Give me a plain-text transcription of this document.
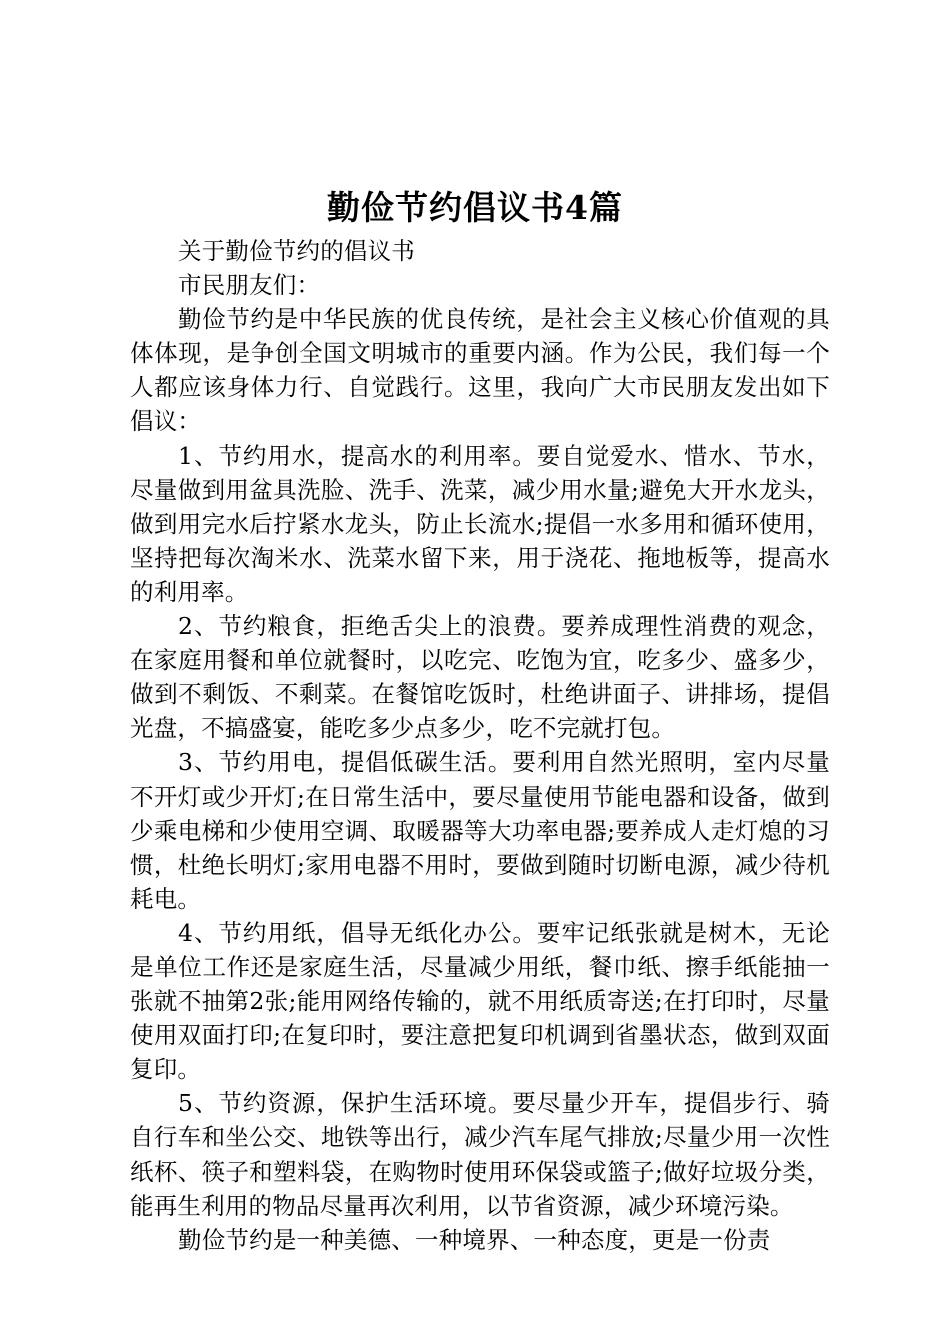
勤俭节约倡议书4篇

关于勤俭节约的倡议书

市民朋友们：

勤俭节约是中华民族的优良传统，是社会主义核心价值观的具体体现，是争创全国文明城市的重要内涵。作为公民，我们每一个人都应该身体力行、自觉践行。这里，我向广大市民朋友发出如下倡议：

1、节约用水，提高水的利用率。要自觉爱水、惜水、节水，尽量做到用盆具洗脸、洗手、洗菜，减少用水量;避免大开水龙头，做到用完水后拧紧水龙头，防止长流水;提倡一水多用和循环使用，坚持把每次淘米水、洗菜水留下来，用于浇花、拖地板等，提高水的利用率。

2、节约粮食，拒绝舌尖上的浪费。要养成理性消费的观念，在家庭用餐和单位就餐时，以吃完、吃饱为宜，吃多少、盛多少，做到不剩饭、不剩菜。在餐馆吃饭时，杜绝讲面子、讲排场，提倡光盘，不搞盛宴，能吃多少点多少，吃不完就打包。

3、节约用电，提倡低碳生活。要利用自然光照明，室内尽量不开灯或少开灯;在日常生活中，要尽量使用节能电器和设备，做到少乘电梯和少使用空调、取暖器等大功率电器;要养成人走灯熄的习惯，杜绝长明灯;家用电器不用时，要做到随时切断电源，减少待机耗电。

4、节约用纸，倡导无纸化办公。要牢记纸张就是树木，无论是单位工作还是家庭生活，尽量减少用纸，餐巾纸、擦手纸能抽一张就不抽第2张;能用网络传输的，就不用纸质寄送;在打印时，尽量使用双面打印;在复印时，要注意把复印机调到省墨状态，做到双面复印。

5、节约资源，保护生活环境。要尽量少开车，提倡步行、骑自行车和坐公交、地铁等出行，减少汽车尾气排放;尽量少用一次性纸杯、筷子和塑料袋，在购物时使用环保袋或篮子;做好垃圾分类，能再生利用的物品尽量再次利用，以节省资源，减少环境污染。

勤俭节约是一种美德、一种境界、一种态度，更是一份责
